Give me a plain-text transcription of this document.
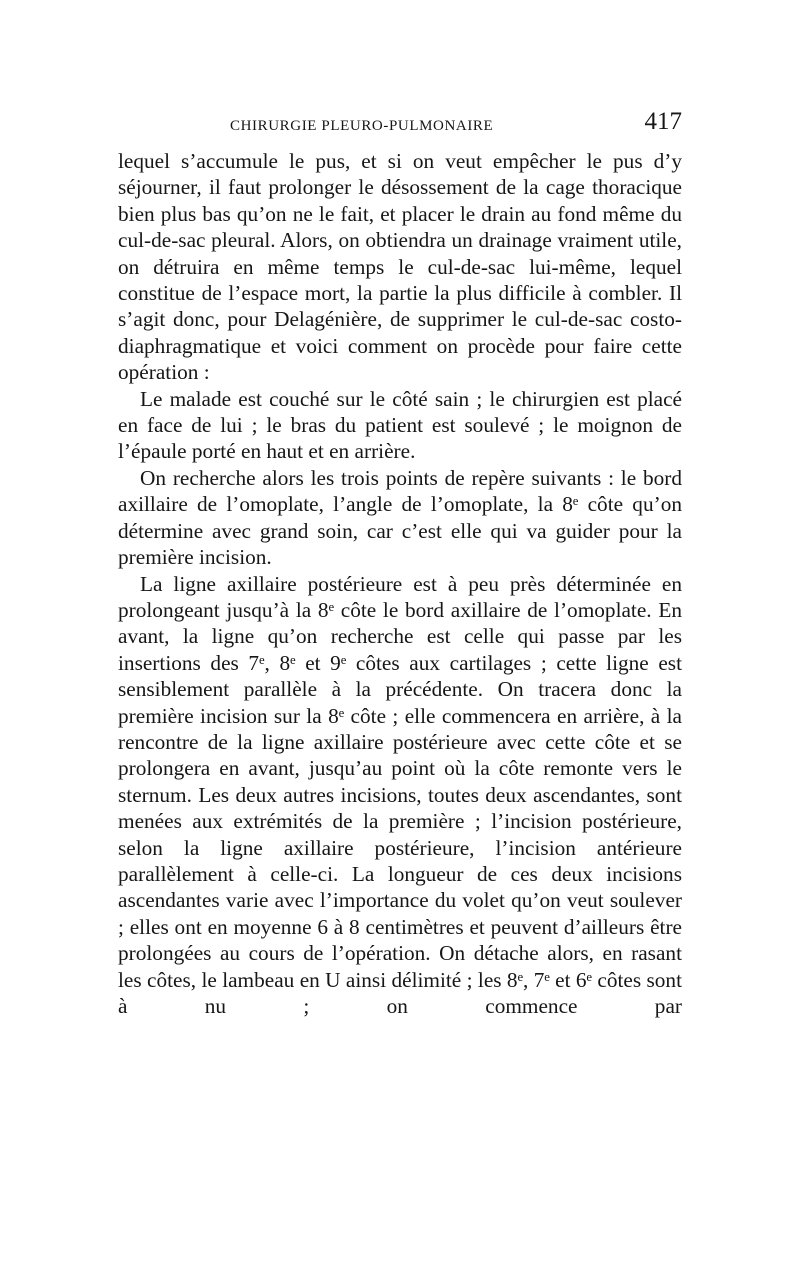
CHIRURGIE PLEURO-PULMONAIRE	417

lequel s’accumule le pus, et si on veut empêcher le pus d’y séjourner, il faut prolonger le désossement de la cage thoracique bien plus bas qu’on ne le fait, et placer le drain au fond même du cul-de-sac pleural. Alors, on obtiendra un drainage vraiment utile, on détruira en même temps le cul-de-sac lui-même, lequel constitue de l’espace mort, la partie la plus difficile à combler. Il s’agit donc, pour Delagénière, de supprimer le cul-de-sac costo-diaphragmatique et voici comment on procède pour faire cette opération :

Le malade est couché sur le côté sain ; le chirurgien est placé en face de lui ; le bras du patient est soulevé ; le moignon de l’épaule porté en haut et en arrière.

On recherche alors les trois points de repère suivants : le bord axillaire de l’omoplate, l’angle de l’omoplate, la 8ᵉ côte qu’on détermine avec grand soin, car c’est elle qui va guider pour la première incision.

La ligne axillaire postérieure est à peu près déterminée en prolongeant jusqu’à la 8ᵉ côte le bord axillaire de l’omoplate. En avant, la ligne qu’on recherche est celle qui passe par les insertions des 7ᵉ, 8ᵉ et 9ᵉ côtes aux cartilages ; cette ligne est sensiblement parallèle à la précédente. On tracera donc la première incision sur la 8ᵉ côte ; elle commencera en arrière, à la rencontre de la ligne axillaire postérieure avec cette côte et se prolongera en avant, jusqu’au point où la côte remonte vers le sternum. Les deux autres incisions, toutes deux ascendantes, sont menées aux extrémités de la première ; l’incision postérieure, selon la ligne axillaire postérieure, l’incision antérieure parallèlement à celle-ci. La longueur de ces deux incisions ascendantes varie avec l’importance du volet qu’on veut soulever ; elles ont en moyenne 6 à 8 centimètres et peuvent d’ailleurs être prolongées au cours de l’opération. On détache alors, en rasant les côtes, le lambeau en U ainsi délimité ; les 8ᵉ, 7ᵉ et 6ᵉ côtes sont à nu ; on commence par
